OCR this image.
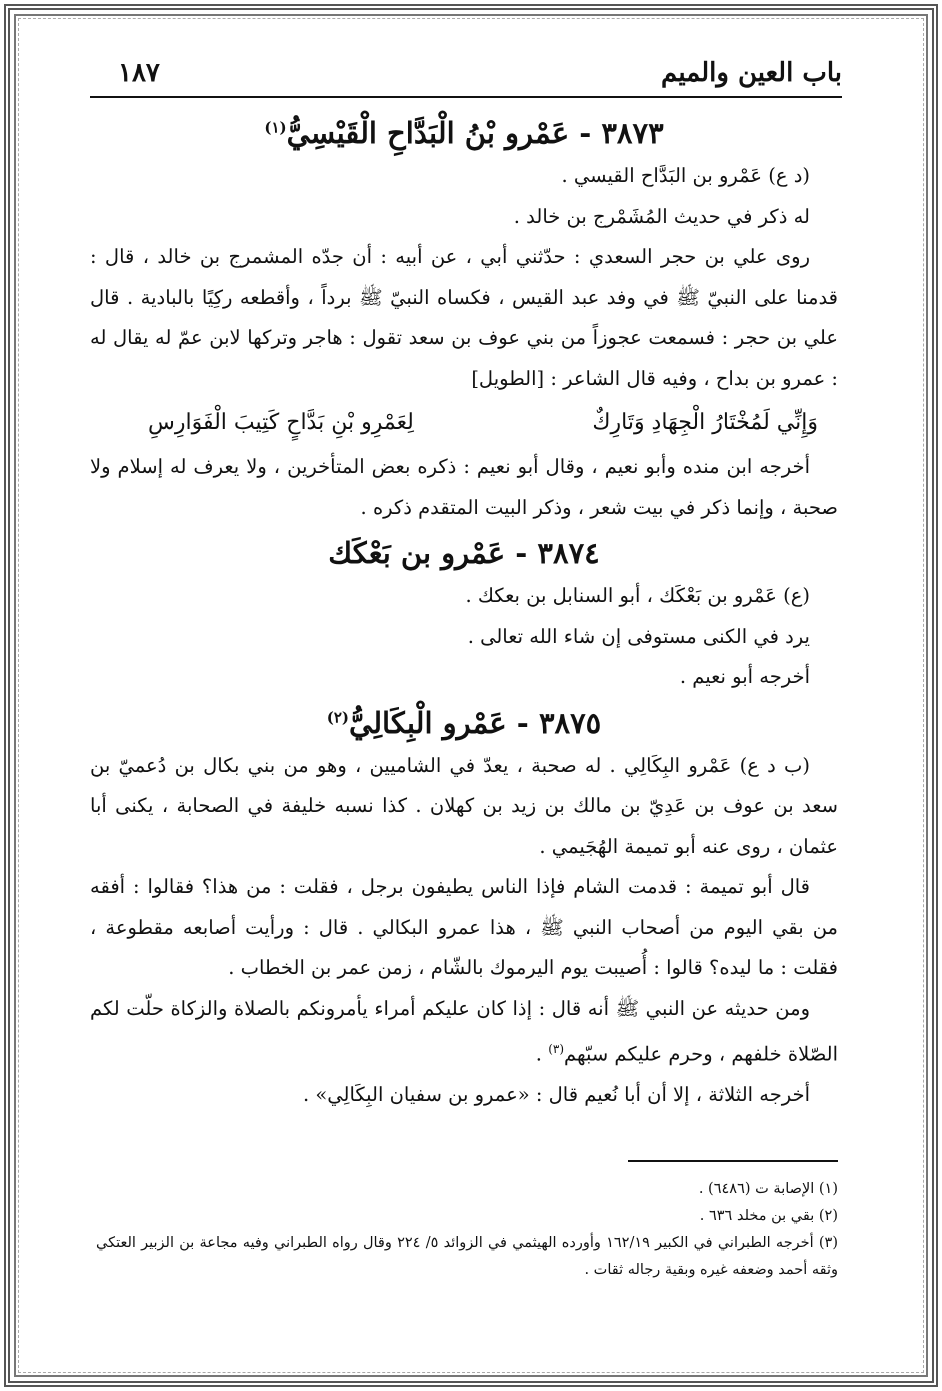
باب العين والميم
١٨٧
٣٨٧٣ - عَمْرو بْنُ الْبَدَّاحِ الْقَيْسِيُّ$^{(١)}$

(د ع) عَمْرو بن البَدَّاح القيسي .

له ذكر في حديث المُشَمْرج بن خالد .

روى علي بن حجر السعدي : حدّثني أبي ، عن أبيه : أن جدّه المشمرج بن خالد ، قال : قدمنا على النبيّ ﷺ في وفد عبد القيس ، فكساه النبيّ ﷺ برداً ، وأقطعه ركِيًا بالبادية . قال علي بن حجر : فسمعت عجوزاً من بني عوف بن سعد تقول : هاجر وتركها لابن عمّ له يقال له : عمرو بن بداح ، وفيه قال الشاعر : [الطويل]

وَإِنِّي لَمُخْتَارُ الْجِهَادِ وَتَارِكٌ
لِعَمْرِو بْنِ بَدَّاحٍ كَتِيبَ الْفَوَارِسِ

أخرجه ابن منده وأبو نعيم ، وقال أبو نعيم : ذكره بعض المتأخرين ، ولا يعرف له إسلام ولا صحبة ، وإنما ذكر في بيت شعر ، وذكر البيت المتقدم ذكره .

٣٨٧٤ - عَمْرو بن بَعْكَك

(ع) عَمْرو بن بَعْكَك ، أبو السنابل بن بعكك .

يرد في الكنى مستوفى إن شاء الله تعالى .

أخرجه أبو نعيم .

٣٨٧٥ - عَمْرو الْبِكَالِيُّ$^{(٢)}$

(ب د ع) عَمْرو البِكَالِي . له صحبة ، يعدّ في الشاميين ، وهو من بني بكال بن دُعميّ بن سعد بن عوف بن عَدِيّ بن مالك بن زيد بن كهلان . كذا نسبه خليفة في الصحابة ، يكنى أبا عثمان ، روى عنه أبو تميمة الهُجَيمي .

قال أبو تميمة : قدمت الشام فإذا الناس يطيفون برجل ، فقلت : من هذا؟ فقالوا : أفقه من بقي اليوم من أصحاب النبي ﷺ ، هذا عمرو البكالي . قال : ورأيت أصابعه مقطوعة ، فقلت : ما ليده؟ قالوا : أُصيبت يوم اليرموك بالشّام ، زمن عمر بن الخطاب .

ومن حديثه عن النبي ﷺ أنه قال : إذا كان عليكم أمراء يأمرونكم بالصلاة والزكاة حلّت لكم الصّلاة خلفهم ، وحرم عليكم سبّهم$^{(٣)}$ .

أخرجه الثلاثة ، إلا أن أبا نُعيم قال : «عمرو بن سفيان البِكَالِي» .

(١) الإصابة ت (٦٤٨٦) .

(٢) بقي بن مخلد ٦٣٦ .

(٣) أخرجه الطبراني في الكبير ١٦٢/١٩ وأورده الهيثمي في الزوائد ٥/ ٢٢٤ وقال رواه الطبراني وفيه مجاعة بن الزبير العتكي وثقه أحمد وضعفه غيره وبقية رجاله ثقات .
